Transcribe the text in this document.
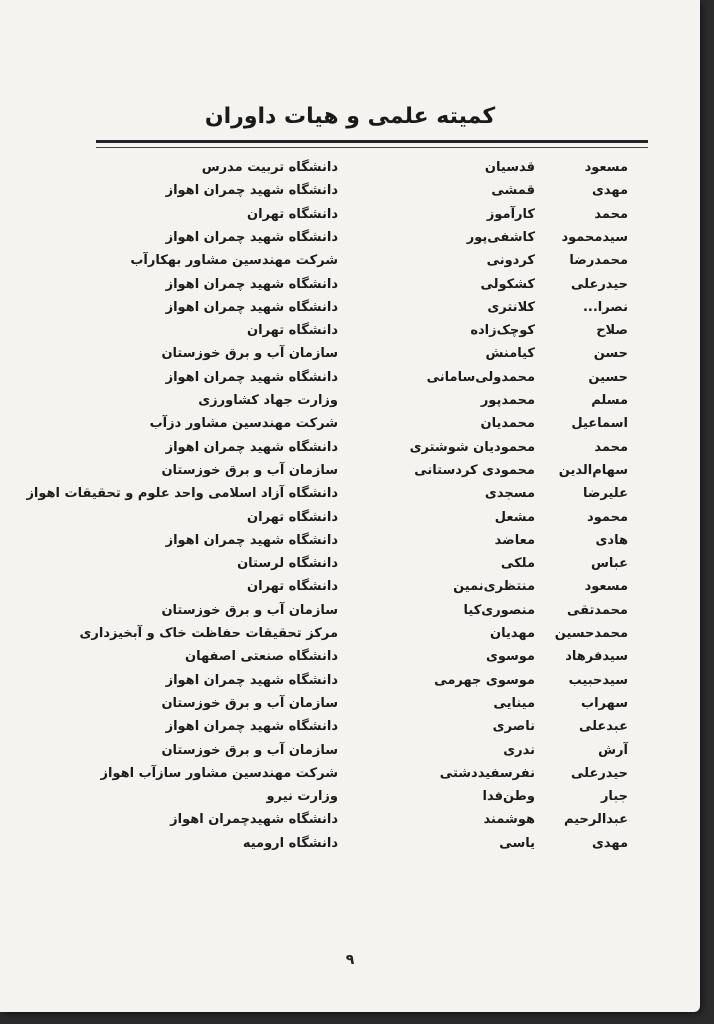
کمیته علمی و هیات داوران
مسعود
قدسیان
دانشگاه تربیت مدرس
مهدی
قمشی
دانشگاه شهید چمران اهواز
محمد
کارآموز
دانشگاه تهران
سیدمحمود
کاشفی‌پور
دانشگاه شهید چمران اهواز
محمدرضا
کردونی
شرکت مهندسین مشاور بهکارآب
حیدرعلی
کشکولی
دانشگاه شهید چمران اهواز
نصرا...
کلانتری
دانشگاه شهید چمران اهواز
صلاح
کوچک‌زاده
دانشگاه تهران
حسن
کیامنش
سازمان آب و برق خوزستان
حسین
محمدولی‌سامانی
دانشگاه شهید چمران اهواز
مسلم
محمدپور
وزارت جهاد کشاورزی
اسماعیل
محمدیان
شرکت مهندسین مشاور دزآب
محمد
محمودیان شوشتری
دانشگاه شهید چمران اهواز
سهام‌الدین
محمودی کردستانی
سازمان آب و برق خوزستان
علیرضا
مسجدی
دانشگاه آزاد اسلامی واحد علوم و تحقیقات اهواز
محمود
مشعل
دانشگاه تهران
هادی
معاضد
دانشگاه شهید چمران اهواز
عباس
ملکی
دانشگاه لرستان
مسعود
منتظری‌نمین
دانشگاه تهران
محمدتقی
منصوری‌کیا
سازمان آب و برق خوزستان
محمدحسین
مهدیان
مرکز تحقیقات حفاظت خاک و آبخیزداری
سیدفرهاد
موسوی
دانشگاه صنعتی اصفهان
سیدحبیب
موسوی جهرمی
دانشگاه شهید چمران اهواز
سهراب
مینایی
سازمان آب و برق خوزستان
عبدعلی
ناصری
دانشگاه شهید چمران اهواز
آرش
ندری
سازمان آب و برق خوزستان
حیدرعلی
نفرسفیددشتی
شرکت مهندسین مشاور سازآب اهواز
جبار
وطن‌فدا
وزارت نیرو
عبدالرحیم
هوشمند
دانشگاه شهیدچمران اهواز
مهدی
یاسی
دانشگاه ارومیه
۹
